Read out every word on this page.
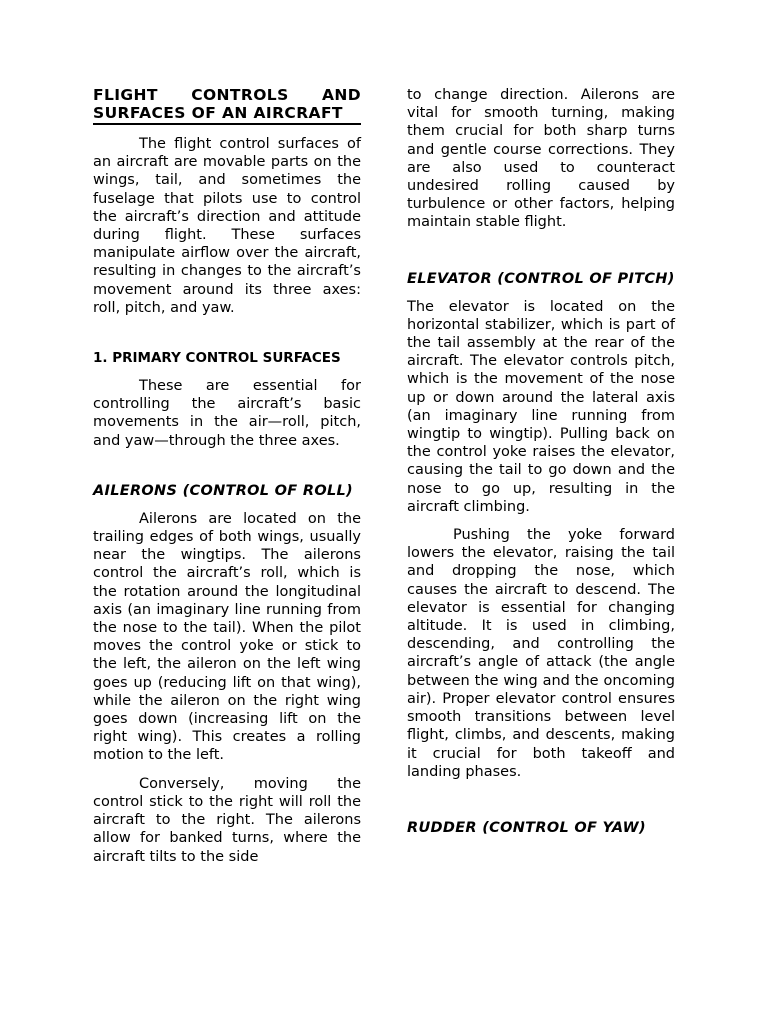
FLIGHT CONTROLS AND
SURFACES OF AN AIRCRAFT

The flight control surfaces of an aircraft are movable parts on the wings, tail, and sometimes the fuselage that pilots use to control the aircraft’s direction and attitude during flight. These surfaces manipulate airflow over the aircraft, resulting in changes to the aircraft’s movement around its three axes: roll, pitch, and yaw.

1. PRIMARY CONTROL SURFACES

These are essential for controlling the aircraft’s basic movements in the air—roll, pitch, and yaw—through the three axes.

AILERONS (CONTROL OF ROLL)

Ailerons are located on the trailing edges of both wings, usually near the wingtips. The ailerons control the aircraft’s roll, which is the rotation around the longitudinal axis (an imaginary line running from the nose to the tail). When the pilot moves the control yoke or stick to the left, the aileron on the left wing goes up (reducing lift on that wing), while the aileron on the right wing goes down (increasing lift on the right wing). This creates a rolling motion to the left.

Conversely, moving the control stick to the right will roll the aircraft to the right. The ailerons allow for banked turns, where the aircraft tilts to the side

to change direction. Ailerons are vital for smooth turning, making them crucial for both sharp turns and gentle course corrections. They are also used to counteract undesired rolling caused by turbulence or other factors, helping maintain stable flight.

ELEVATOR (CONTROL OF PITCH)

The elevator is located on the horizontal stabilizer, which is part of the tail assembly at the rear of the aircraft. The elevator controls pitch, which is the movement of the nose up or down around the lateral axis (an imaginary line running from wingtip to wingtip). Pulling back on the control yoke raises the elevator, causing the tail to go down and the nose to go up, resulting in the aircraft climbing.

Pushing the yoke forward lowers the elevator, raising the tail and dropping the nose, which causes the aircraft to descend. The elevator is essential for changing altitude. It is used in climbing, descending, and controlling the aircraft’s angle of attack (the angle between the wing and the oncoming air). Proper elevator control ensures smooth transitions between level flight, climbs, and descents, making it crucial for both takeoff and landing phases.

RUDDER (CONTROL OF YAW)
